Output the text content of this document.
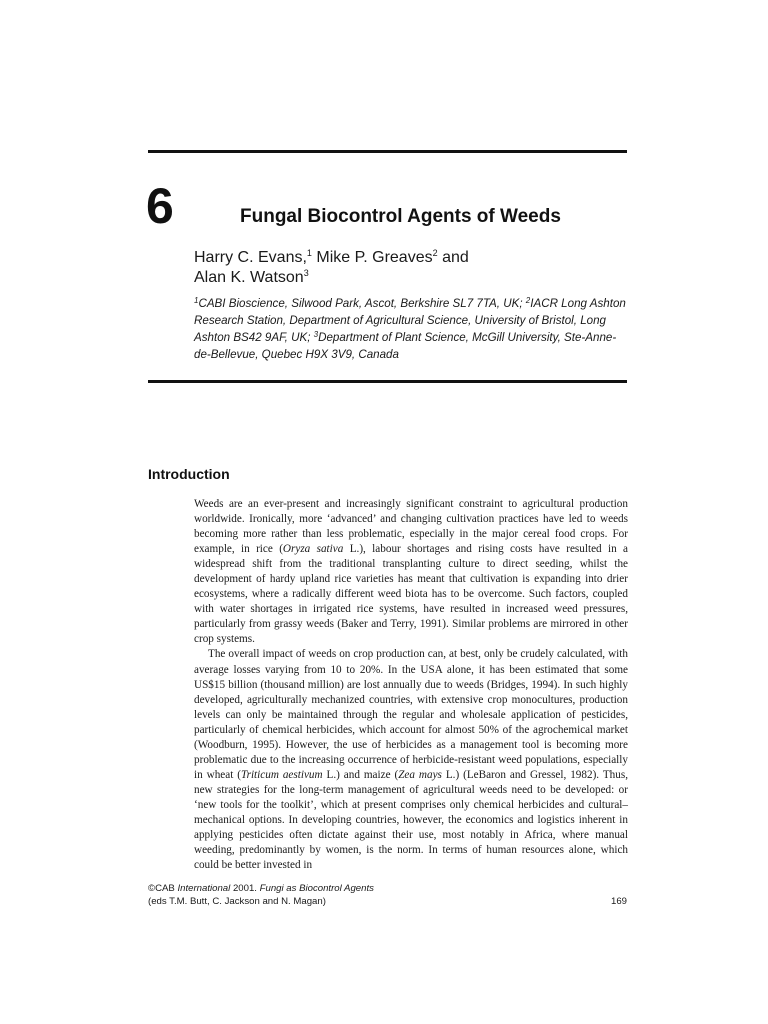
6	Fungal Biocontrol Agents of Weeds
Harry C. Evans,$^1$ Mike P. Greaves$^2$ and
Alan K. Watson$^3$
$^1$CABI Bioscience, Silwood Park, Ascot, Berkshire SL7 7TA, UK; $^2$IACR Long Ashton Research Station, Department of Agricultural Science, University of Bristol, Long Ashton BS42 9AF, UK; $^3$Department of Plant Science, McGill University, Ste-Anne-de-Bellevue, Quebec H9X 3V9, Canada
Introduction

Weeds are an ever-present and increasingly significant constraint to agricultural production worldwide. Ironically, more ‘advanced’ and changing cultivation practices have led to weeds becoming more rather than less problematic, especially in the major cereal food crops. For example, in rice (Oryza sativa L.), labour shortages and rising costs have resulted in a widespread shift from the traditional transplanting culture to direct seeding, whilst the development of hardy upland rice varieties has meant that cultivation is expanding into drier ecosystems, where a radically different weed biota has to be overcome. Such factors, coupled with water shortages in irrigated rice systems, have resulted in increased weed pressures, particularly from grassy weeds (Baker and Terry, 1991). Similar problems are mirrored in other crop systems.

The overall impact of weeds on crop production can, at best, only be crudely calculated, with average losses varying from 10 to 20%. In the USA alone, it has been estimated that some US$15 billion (thousand million) are lost annually due to weeds (Bridges, 1994). In such highly developed, agriculturally mechanized countries, with extensive crop monocultures, production levels can only be maintained through the regular and wholesale application of pesticides, particularly of chemical herbicides, which account for almost 50% of the agrochemical market (Woodburn, 1995). However, the use of herbicides as a management tool is becoming more problematic due to the increasing occurrence of herbicide-resistant weed populations, especially in wheat (Triticum aestivum L.) and maize (Zea mays L.) (LeBaron and Gressel, 1982). Thus, new strategies for the long-term management of agricultural weeds need to be developed: or ‘new tools for the toolkit’, which at present comprises only chemical herbicides and cultural–mechanical options. In developing countries, however, the economics and logistics inherent in applying pesticides often dictate against their use, most notably in Africa, where manual weeding, predominantly by women, is the norm. In terms of human resources alone, which could be better invested in

©CAB International 2001. Fungi as Biocontrol Agents
(eds T.M. Butt, C. Jackson and N. Magan)	169
